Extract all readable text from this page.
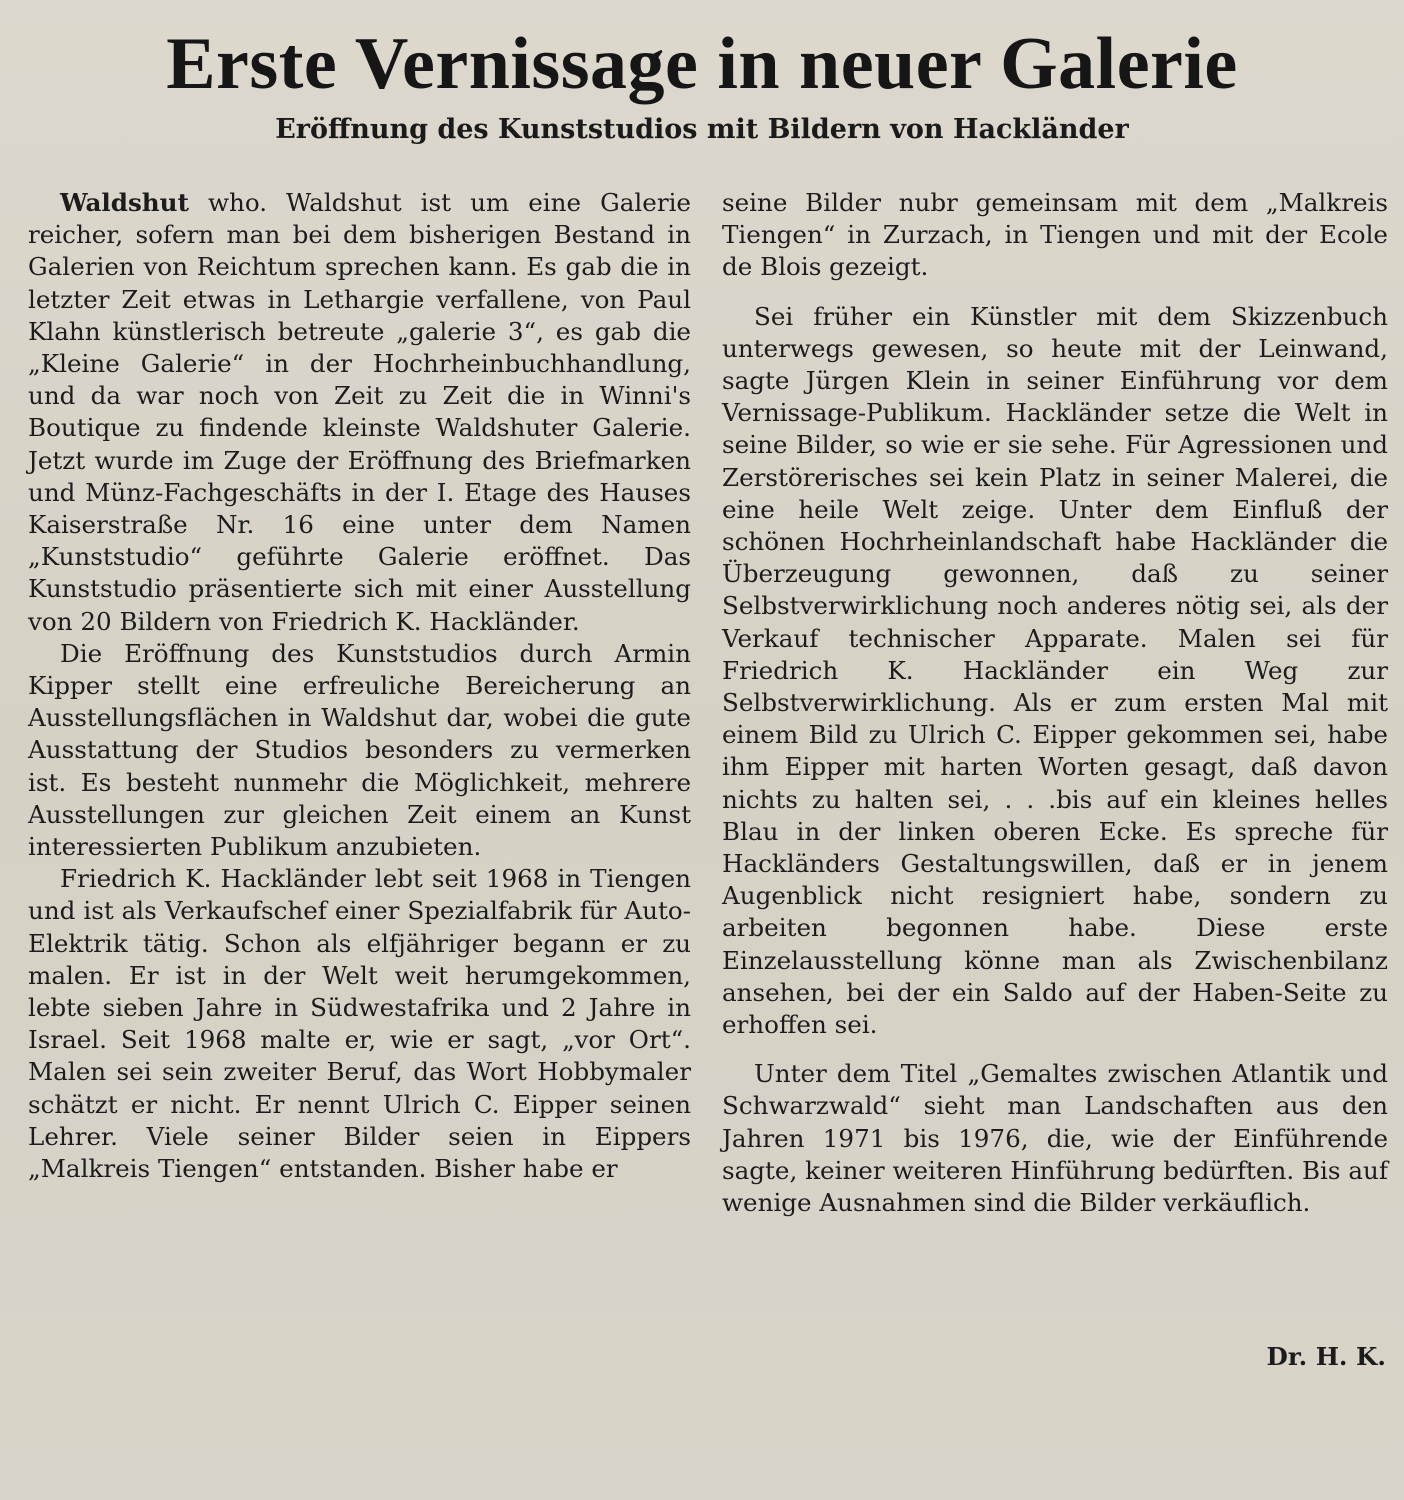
Erste Vernissage in neuer Galerie
Eröffnung des Kunststudios mit Bildern von Hackländer

Waldshut who. Waldshut ist um eine Galerie reicher, sofern man bei dem bisherigen Bestand in Galerien von Reichtum sprechen kann. Es gab die in letzter Zeit etwas in Lethargie verfallene, von Paul Klahn künstlerisch betreute „galerie 3“, es gab die „Kleine Galerie“ in der Hochrheinbuchhandlung, und da war noch von Zeit zu Zeit die in Winni's Boutique zu findende kleinste Waldshuter Galerie. Jetzt wurde im Zuge der Eröffnung des Briefmarken und Münz-Fachgeschäfts in der I. Etage des Hauses Kaiserstraße Nr. 16 eine unter dem Namen „Kunststudio“ geführte Galerie eröffnet. Das Kunststudio präsentierte sich mit einer Ausstellung von 20 Bildern von Friedrich K. Hackländer.

Die Eröffnung des Kunststudios durch Armin Kipper stellt eine erfreuliche Bereicherung an Ausstellungsflächen in Waldshut dar, wobei die gute Ausstattung der Studios besonders zu vermerken ist. Es besteht nunmehr die Möglichkeit, mehrere Ausstellungen zur gleichen Zeit einem an Kunst interessierten Publikum anzubieten.

Friedrich K. Hackländer lebt seit 1968 in Tiengen und ist als Verkaufschef einer Spezialfabrik für Auto-Elektrik tätig. Schon als elfjähriger begann er zu malen. Er ist in der Welt weit herumgekommen, lebte sieben Jahre in Südwestafrika und 2 Jahre in Israel. Seit 1968 malte er, wie er sagt, „vor Ort“. Malen sei sein zweiter Beruf, das Wort Hobbymaler schätzt er nicht. Er nennt Ulrich C. Eipper seinen Lehrer. Viele seiner Bilder seien in Eippers „Malkreis Tiengen“ entstanden. Bisher habe er

seine Bilder nubr gemeinsam mit dem „Malkreis Tiengen“ in Zurzach, in Tiengen und mit der Ecole de Blois gezeigt.

Sei früher ein Künstler mit dem Skizzenbuch unterwegs gewesen, so heute mit der Leinwand, sagte Jürgen Klein in seiner Einführung vor dem Vernissage-Publikum. Hackländer setze die Welt in seine Bilder, so wie er sie sehe. Für Agressionen und Zerstörerisches sei kein Platz in seiner Malerei, die eine heile Welt zeige. Unter dem Einfluß der schönen Hochrheinlandschaft habe Hackländer die Überzeugung gewonnen, daß zu seiner Selbstverwirklichung noch anderes nötig sei, als der Verkauf technischer Apparate. Malen sei für Friedrich K. Hackländer ein Weg zur Selbstverwirklichung. Als er zum ersten Mal mit einem Bild zu Ulrich C. Eipper gekommen sei, habe ihm Eipper mit harten Worten gesagt, daß davon nichts zu halten sei, . . .bis auf ein kleines helles Blau in der linken oberen Ecke. Es spreche für Hackländers Gestaltungswillen, daß er in jenem Augenblick nicht resigniert habe, sondern zu arbeiten begonnen habe. Diese erste Einzelausstellung könne man als Zwischenbilanz ansehen, bei der ein Saldo auf der Haben-Seite zu erhoffen sei.

Unter dem Titel „Gemaltes zwischen Atlantik und Schwarzwald“ sieht man Landschaften aus den Jahren 1971 bis 1976, die, wie der Einführende sagte, keiner weiteren Hinführung bedürften. Bis auf wenige Ausnahmen sind die Bilder verkäuflich.

Dr. H. K.
